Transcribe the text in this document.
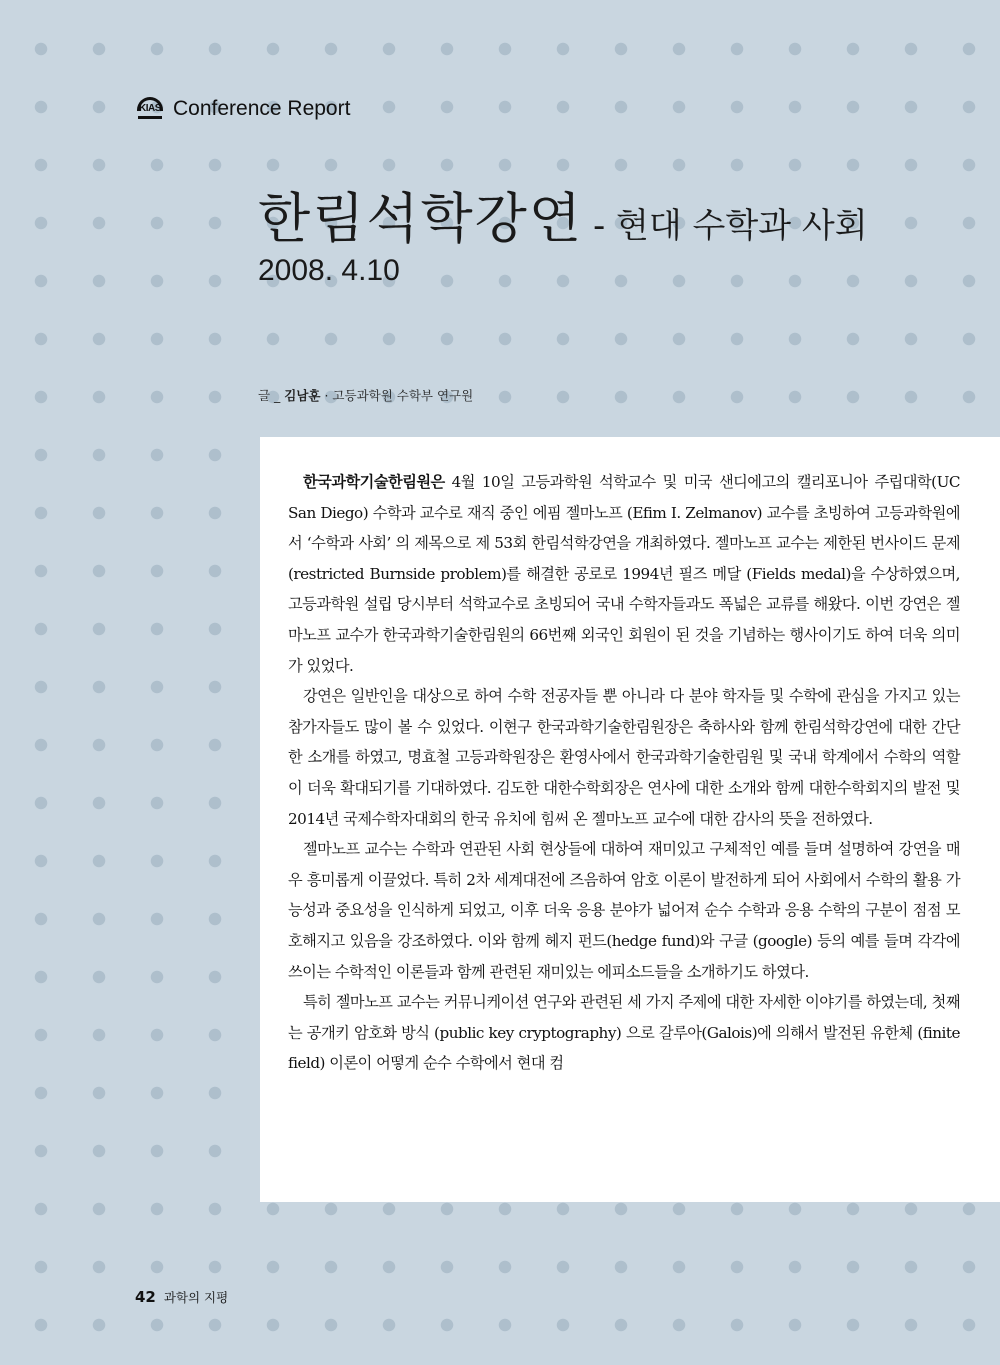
KIAS Conference Report
한림석학강연 - 현대 수학과 사회
2008. 4.10
글 _ 김남훈 · 고등과학원 수학부 연구원

한국과학기술한림원은 4월 10일 고등과학원 석학교수 및 미국 샌디에고의 캘리포니아 주립대학(UC San Diego) 수학과 교수로 재직 중인 에핌 젤마노프 (Efim I. Zelmanov) 교수를 초빙하여 고등과학원에서 ‘수학과 사회’ 의 제목으로 제 53회 한림석학강연을 개최하였다. 젤마노프 교수는 제한된 번사이드 문제(restricted Burnside problem)를 해결한 공로로 1994년 필즈 메달 (Fields medal)을 수상하였으며, 고등과학원 설립 당시부터 석학교수로 초빙되어 국내 수학자들과도 폭넓은 교류를 해왔다. 이번 강연은 젤마노프 교수가 한국과학기술한림원의 66번째 외국인 회원이 된 것을 기념하는 행사이기도 하여 더욱 의미가 있었다.

강연은 일반인을 대상으로 하여 수학 전공자들 뿐 아니라 다 분야 학자들 및 수학에 관심을 가지고 있는 참가자들도 많이 볼 수 있었다. 이현구 한국과학기술한림원장은 축하사와 함께 한림석학강연에 대한 간단한 소개를 하였고, 명효철 고등과학원장은 환영사에서 한국과학기술한림원 및 국내 학계에서 수학의 역할이 더욱 확대되기를 기대하였다. 김도한 대한수학회장은 연사에 대한 소개와 함께 대한수학회지의 발전 및 2014년 국제수학자대회의 한국 유치에 힘써 온 젤마노프 교수에 대한 감사의 뜻을 전하였다.

젤마노프 교수는 수학과 연관된 사회 현상들에 대하여 재미있고 구체적인 예를 들며 설명하여 강연을 매우 흥미롭게 이끌었다. 특히 2차 세계대전에 즈음하여 암호 이론이 발전하게 되어 사회에서 수학의 활용 가능성과 중요성을 인식하게 되었고, 이후 더욱 응용 분야가 넓어져 순수 수학과 응용 수학의 구분이 점점 모호해지고 있음을 강조하였다. 이와 함께 헤지 펀드(hedge fund)와 구글 (google) 등의 예를 들며 각각에 쓰이는 수학적인 이론들과 함께 관련된 재미있는 에피소드들을 소개하기도 하였다.

특히 젤마노프 교수는 커뮤니케이션 연구와 관련된 세 가지 주제에 대한 자세한 이야기를 하였는데, 첫째는 공개키 암호화 방식 (public key cryptography) 으로 갈루아(Galois)에 의해서 발전된 유한체 (finite field) 이론이 어떻게 순수 수학에서 현대 컴

42 과학의 지평
